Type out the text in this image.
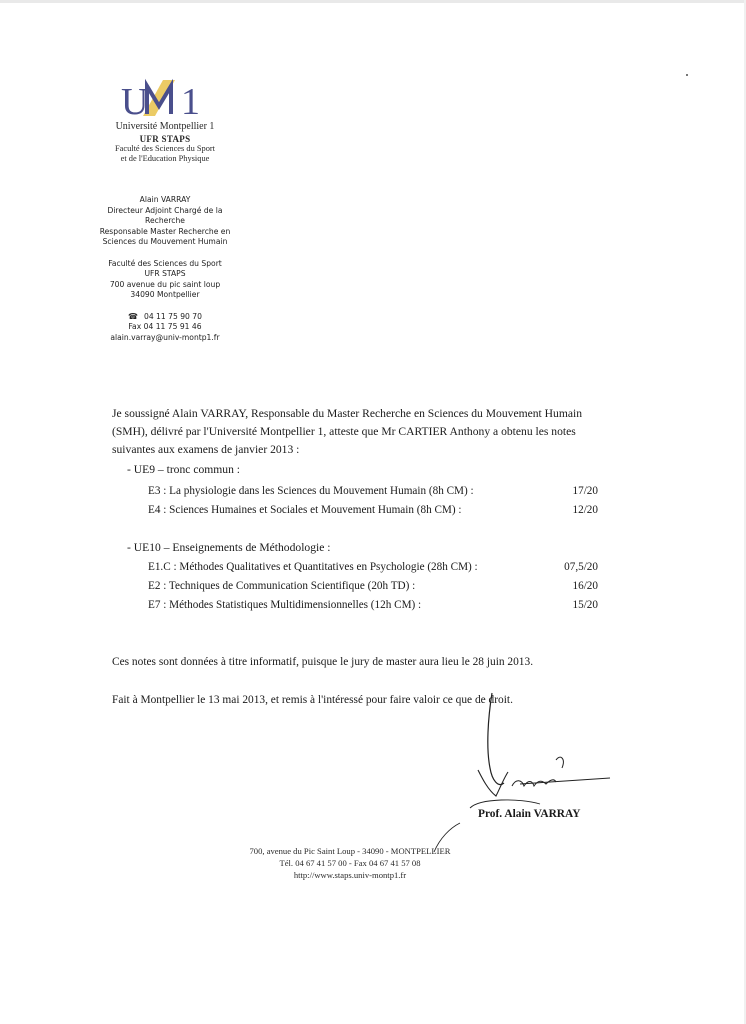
U 1
Université Montpellier 1
UFR STAPS
Faculté des Sciences du Sport
et de l'Education Physique
Alain VARRAY
Directeur Adjoint Chargé de la
Recherche
Responsable Master Recherche en
Sciences du Mouvement Humain
Faculté des Sciences du Sport
UFR STAPS
700 avenue du pic saint loup
34090 Montpellier
☎ 04 11 75 90 70
Fax 04 11 75 91 46
alain.varray@univ-montp1.fr
Je soussigné Alain VARRAY, Responsable du Master Recherche en Sciences du Mouvement Humain (SMH), délivré par l'Université Montpellier 1, atteste que Mr CARTIER Anthony a obtenu les notes suivantes aux examens de janvier 2013 :
- UE9 – tronc commun :
E3 : La physiologie dans les Sciences du Mouvement Humain (8h CM) :	17/20
E4 : Sciences Humaines et Sociales et Mouvement Humain (8h CM) :	12/20
- UE10 – Enseignements de Méthodologie :
E1.C : Méthodes Qualitatives et Quantitatives en Psychologie (28h CM) :	07,5/20
E2 : Techniques de Communication Scientifique (20h TD) :	16/20
E7 : Méthodes Statistiques Multidimensionnelles (12h CM) :	15/20
Ces notes sont données à titre informatif, puisque le jury de master aura lieu le 28 juin 2013.
Fait à Montpellier le 13 mai 2013, et remis à l'intéressé pour faire valoir ce que de droit.
Prof. Alain VARRAY
700, avenue du Pic Saint Loup - 34090 - MONTPELLIER
Tél. 04 67 41 57 00 - Fax 04 67 41 57 08
http://www.staps.univ-montp1.fr
